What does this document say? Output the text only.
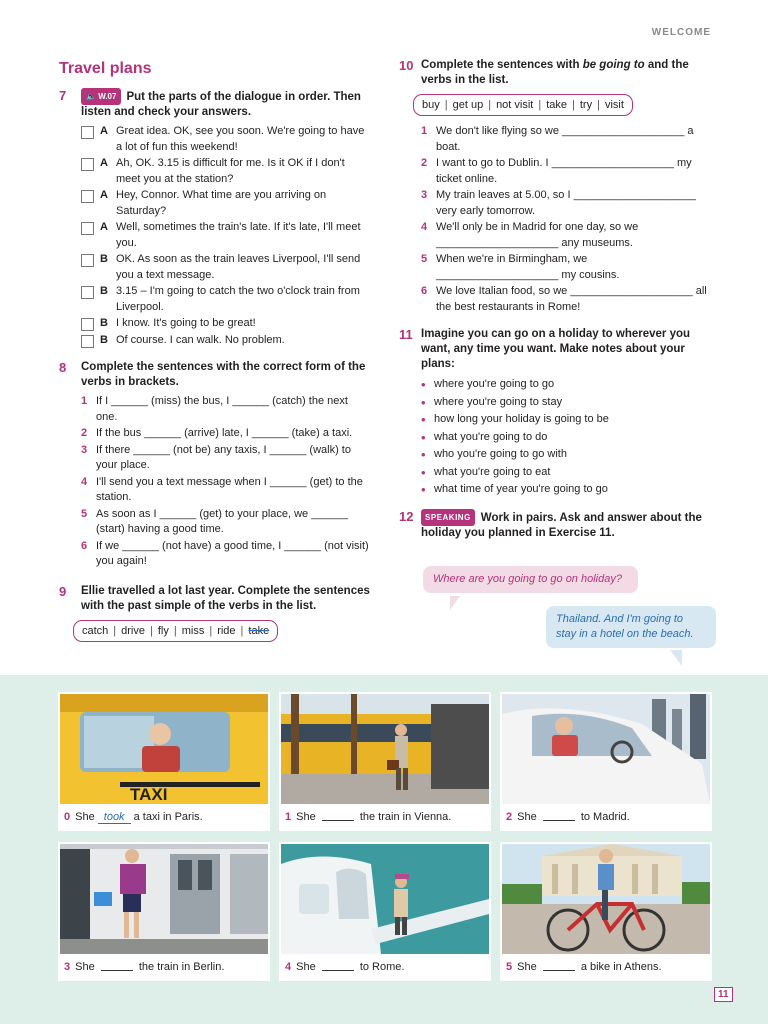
WELCOME
Travel plans
7	🔈 W.07 Put the parts of the dialogue in order. Then listen and check your answers.
A Great idea. OK, see you soon. We're going to have a lot of fun this weekend!
A Ah, OK. 3.15 is difficult for me. Is it OK if I don't meet you at the station?
A Hey, Connor. What time are you arriving on Saturday?
A Well, sometimes the train's late. If it's late, I'll meet you.
B OK. As soon as the train leaves Liverpool, I'll send you a text message.
B 3.15 – I'm going to catch the two o'clock train from Liverpool.
B I know. It's going to be great!
B Of course. I can walk. No problem.
8 Complete the sentences with the correct form of the verbs in brackets.
1 If I ______ (miss) the bus, I ______ (catch) the next one.
2 If the bus ______ (arrive) late, I ______ (take) a taxi.
3 If there ______ (not be) any taxis, I ______ (walk) to your place.
4 I'll send you a text message when I ______ (get) to the station.
5 As soon as I ______ (get) to your place, we ______ (start) having a good time.
6 If we ______ (not have) a good time, I ______ (not visit) you again!
9 Ellie travelled a lot last year. Complete the sentences with the past simple of the verbs in the list.
catch | drive | fly | miss | ride | take
10 Complete the sentences with be going to and the verbs in the list.
buy | get up | not visit | take | try | visit
1 We don't like flying so we ____________________ a boat.
2 I want to go to Dublin. I ____________________ my ticket online.
3 My train leaves at 5.00, so I ____________________ very early tomorrow.
4 We'll only be in Madrid for one day, so we ____________________ any museums.
5 When we're in Birmingham, we ____________________ my cousins.
6 We love Italian food, so we ____________________ all the best restaurants in Rome!
11 Imagine you can go on a holiday to wherever you want, any time you want. Make notes about your plans:
• where you're going to go
• where you're going to stay
• how long your holiday is going to be
• what you're going to do
• who you're going to go with
• what you're going to eat
• what time of year you're going to go
12	SPEAKING Work in pairs. Ask and answer about the holiday you planned in Exercise 11.
Where are you going to go on holiday?
Thailand. And I'm going to stay in a hotel on the beach.
TAXI
0 She took a taxi in Paris.	1 She	the train in Vienna.	2 She	to Madrid.
3 She	the train in Berlin.	4 She	to Rome.	5 She	a bike in Athens.
11
